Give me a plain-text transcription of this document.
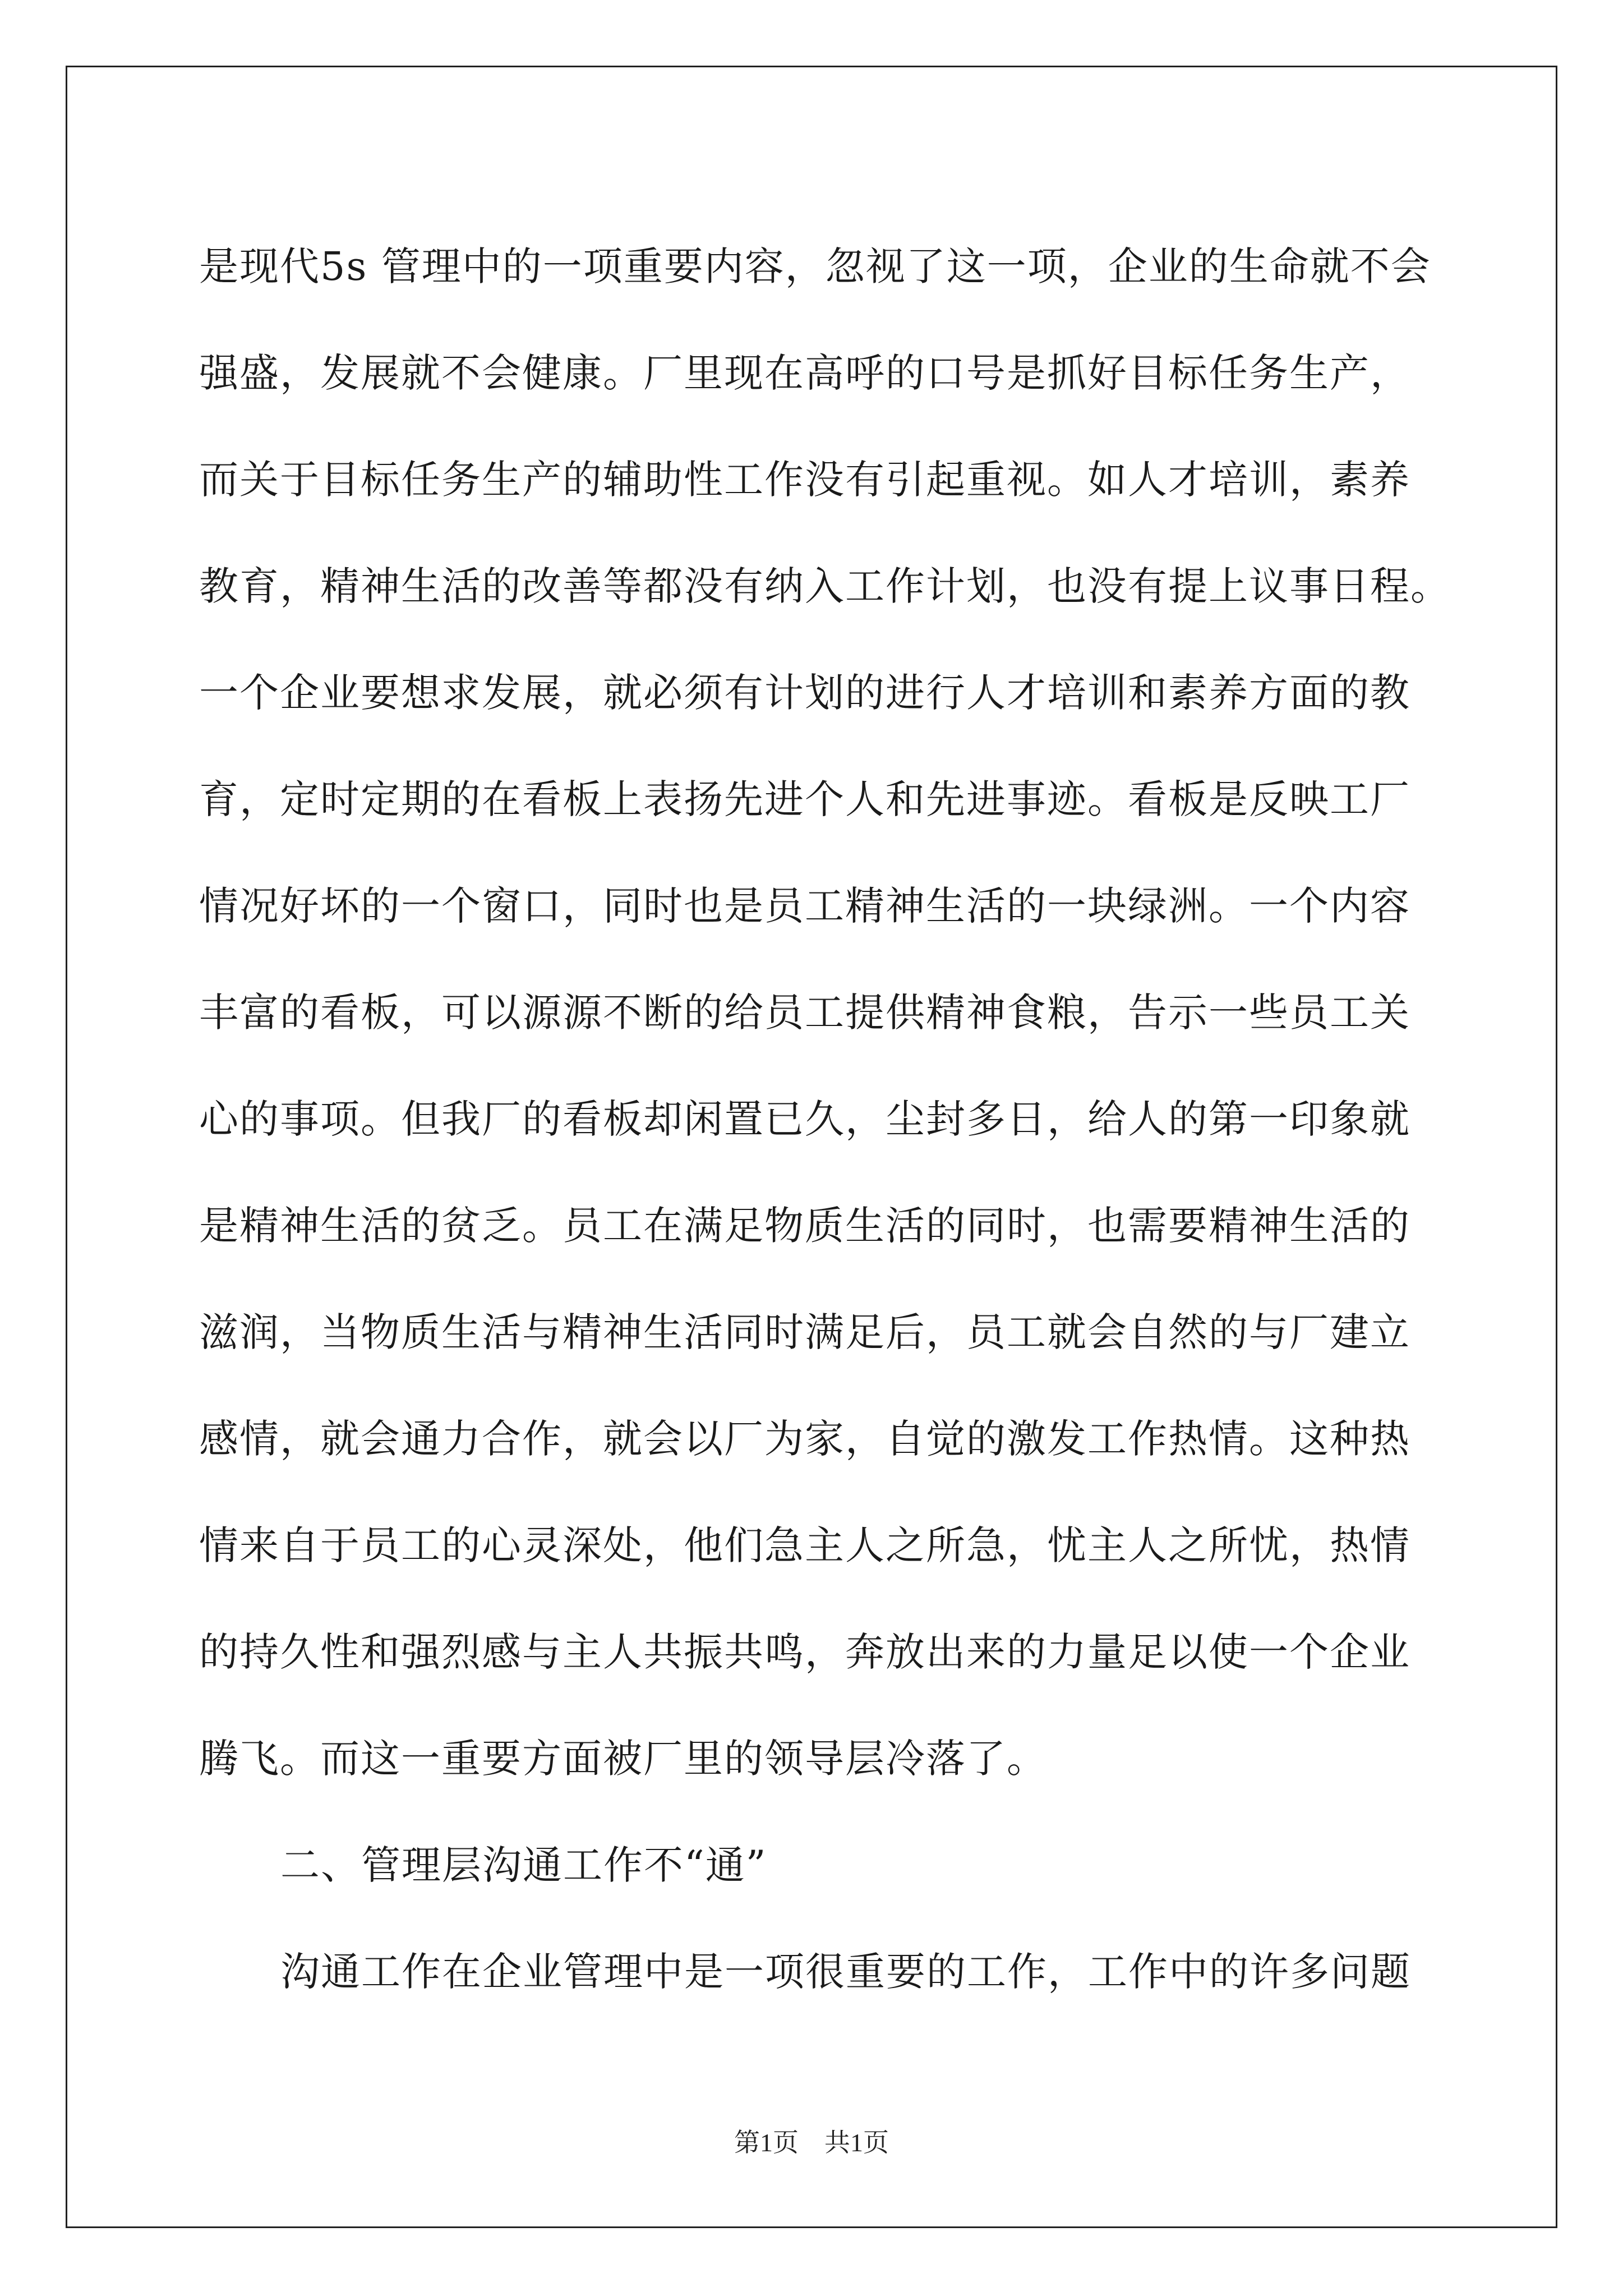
是现代5s 管理中的一项重要内容，忽视了这一项，企业的生命就不会
强盛，发展就不会健康。厂里现在高呼的口号是抓好目标任务生产，
而关于目标任务生产的辅助性工作没有引起重视。如人才培训，素养
教育，精神生活的改善等都没有纳入工作计划，也没有提上议事日程。
一个企业要想求发展，就必须有计划的进行人才培训和素养方面的教
育，定时定期的在看板上表扬先进个人和先进事迹。看板是反映工厂
情况好坏的一个窗口，同时也是员工精神生活的一块绿洲。一个内容
丰富的看板，可以源源不断的给员工提供精神食粮，告示一些员工关
心的事项。但我厂的看板却闲置已久，尘封多日，给人的第一印象就
是精神生活的贫乏。员工在满足物质生活的同时，也需要精神生活的
滋润，当物质生活与精神生活同时满足后，员工就会自然的与厂建立
感情，就会通力合作，就会以厂为家，自觉的激发工作热情。这种热
情来自于员工的心灵深处，他们急主人之所急，忧主人之所忧，热情
的持久性和强烈感与主人共振共鸣，奔放出来的力量足以使一个企业
腾飞。而这一重要方面被厂里的领导层冷落了。
二、管理层沟通工作不“通”
沟通工作在企业管理中是一项很重要的工作，工作中的许多问题
第1页　共1页
